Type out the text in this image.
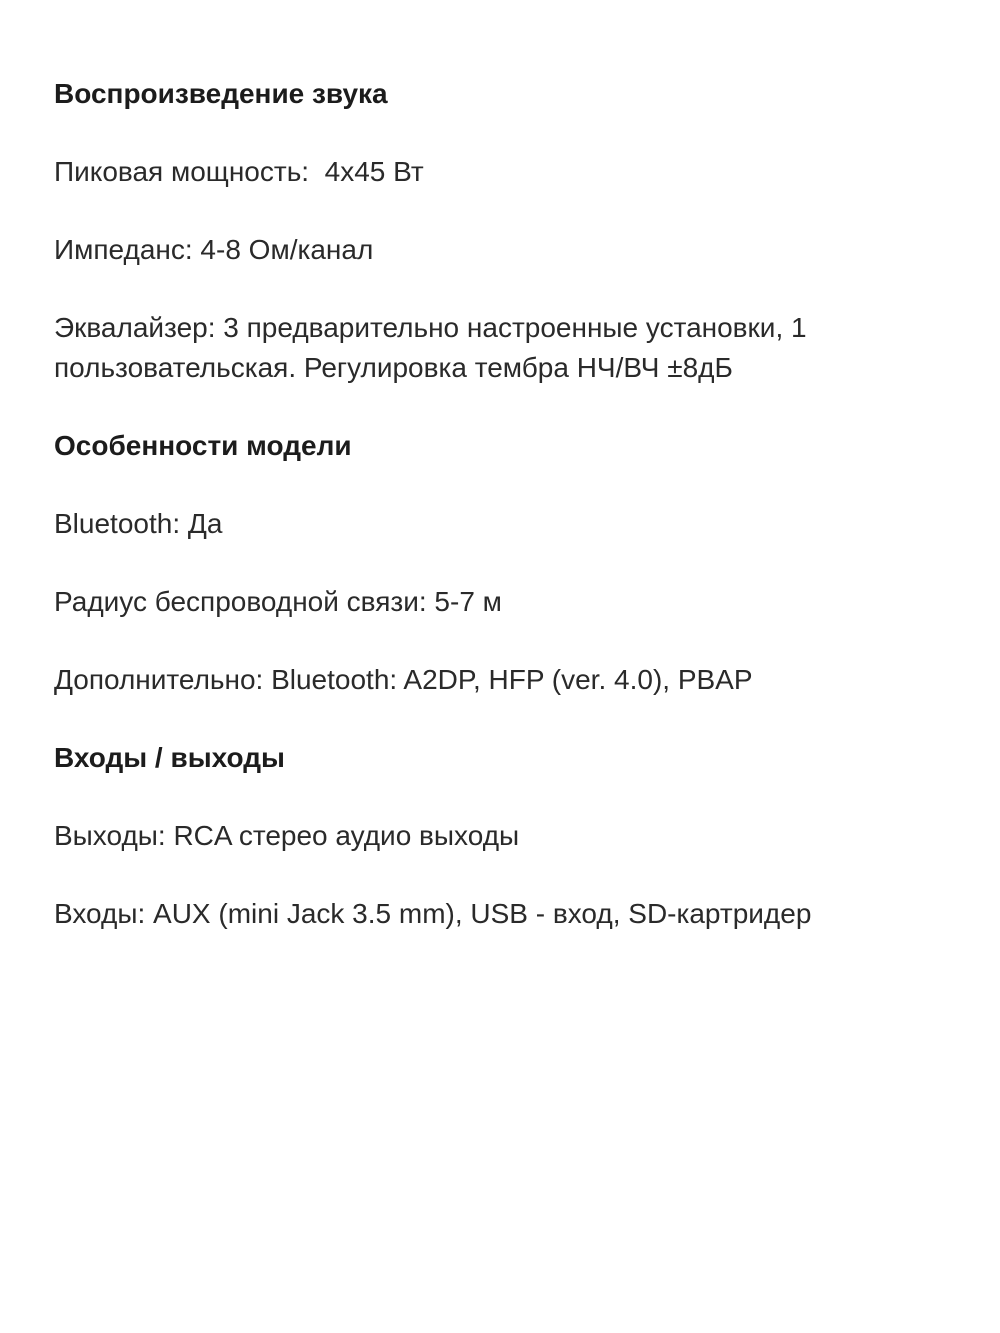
Воспроизведение звука
Пиковая мощность:  4х45 Вт
Импеданс: 4-8 Ом/канал
Эквалайзер: 3 предварительно настроенные установки, 1 пользовательская. Регулировка тембра НЧ/ВЧ ±8дБ
Особенности модели
Bluetooth: Да
Радиус беспроводной связи: 5-7 м
Дополнительно: Bluetooth: A2DP, HFP (ver. 4.0), PBAP
Входы / выходы
Выходы: RCA стерео аудио выходы
Входы: AUX (mini Jack 3.5 mm), USB - вход, SD-картридер
